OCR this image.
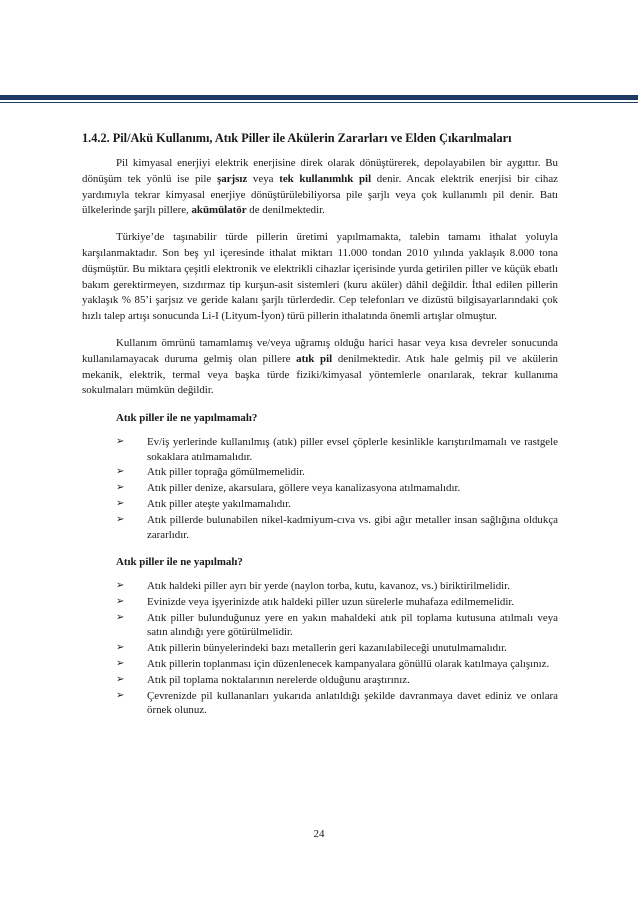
1.4.2. Pil/Akü Kullanımı, Atık Piller ile Akülerin Zararları ve Elden Çıkarılmaları

Pil kimyasal enerjiyi elektrik enerjisine direk olarak dönüştürerek, depolayabilen bir aygıttır. Bu dönüşüm tek yönlü ise pile şarjsız veya tek kullanımlık pil denir. Ancak elektrik enerjisi bir cihaz yardımıyla tekrar kimyasal enerjiye dönüştürülebiliyorsa pile şarjlı veya çok kullanımlı pil denir. Batı ülkelerinde şarjlı pillere, akümülatör de denilmektedir.

Türkiye’de taşınabilir türde pillerin üretimi yapılmamakta, talebin tamamı ithalat yoluyla karşılanmaktadır. Son beş yıl içeresinde ithalat miktarı 11.000 tondan 2010 yılında yaklaşık 8.000 tona düşmüştür. Bu miktara çeşitli elektronik ve elektrikli cihazlar içerisinde yurda getirilen piller ve küçük ebatlı bakım gerektirmeyen, sızdırmaz tip kurşun-asit sistemleri (kuru aküler) dâhil değildir. İthal edilen pillerin yaklaşık % 85’i şarjsız ve geride kalanı şarjlı türlerdedir. Cep telefonları ve dizüstü bilgisayarlarındaki çok hızlı talep artışı sonucunda Li-I (Lityum-İyon) türü pillerin ithalatında önemli artışlar olmuştur.

Kullanım ömrünü tamamlamış ve/veya uğramış olduğu harici hasar veya kısa devreler sonucunda kullanılamayacak duruma gelmiş olan pillere atık pil denilmektedir. Atık hale gelmiş pil ve akülerin mekanik, elektrik, termal veya başka türde fiziki/kimyasal yöntemlerle onarılarak, tekrar kullanıma sokulmaları mümkün değildir.

Atık piller ile ne yapılmamalı?
➢	Ev/iş yerlerinde kullanılmış (atık) piller evsel çöplerle kesinlikle karıştırılmamalı ve rastgele sokaklara atılmamalıdır.
➢	Atık piller toprağa gömülmemelidir.
➢	Atık piller denize, akarsulara, göllere veya kanalizasyona atılmamalıdır.
➢	Atık piller ateşte yakılmamalıdır.
➢	Atık pillerde bulunabilen nikel-kadmiyum-cıva vs. gibi ağır metaller insan sağlığına oldukça zararlıdır.
Atık piller ile ne yapılmalı?
➢	Atık haldeki piller ayrı bir yerde (naylon torba, kutu, kavanoz, vs.) biriktirilmelidir.
➢	Evinizde veya işyerinizde atık haldeki piller uzun sürelerle muhafaza edilmemelidir.
➢	Atık piller bulunduğunuz yere en yakın mahaldeki atık pil toplama kutusuna atılmalı veya satın alındığı yere götürülmelidir.
➢	Atık pillerin bünyelerindeki bazı metallerin geri kazanılabileceği unutulmamalıdır.
➢	Atık pillerin toplanması için düzenlenecek kampanyalara gönüllü olarak katılmaya çalışınız.
➢	Atık pil toplama noktalarının nerelerde olduğunu araştırınız.
➢	Çevrenizde pil kullananları yukarıda anlatıldığı şekilde davranmaya davet ediniz ve onlara örnek olunuz.
24
